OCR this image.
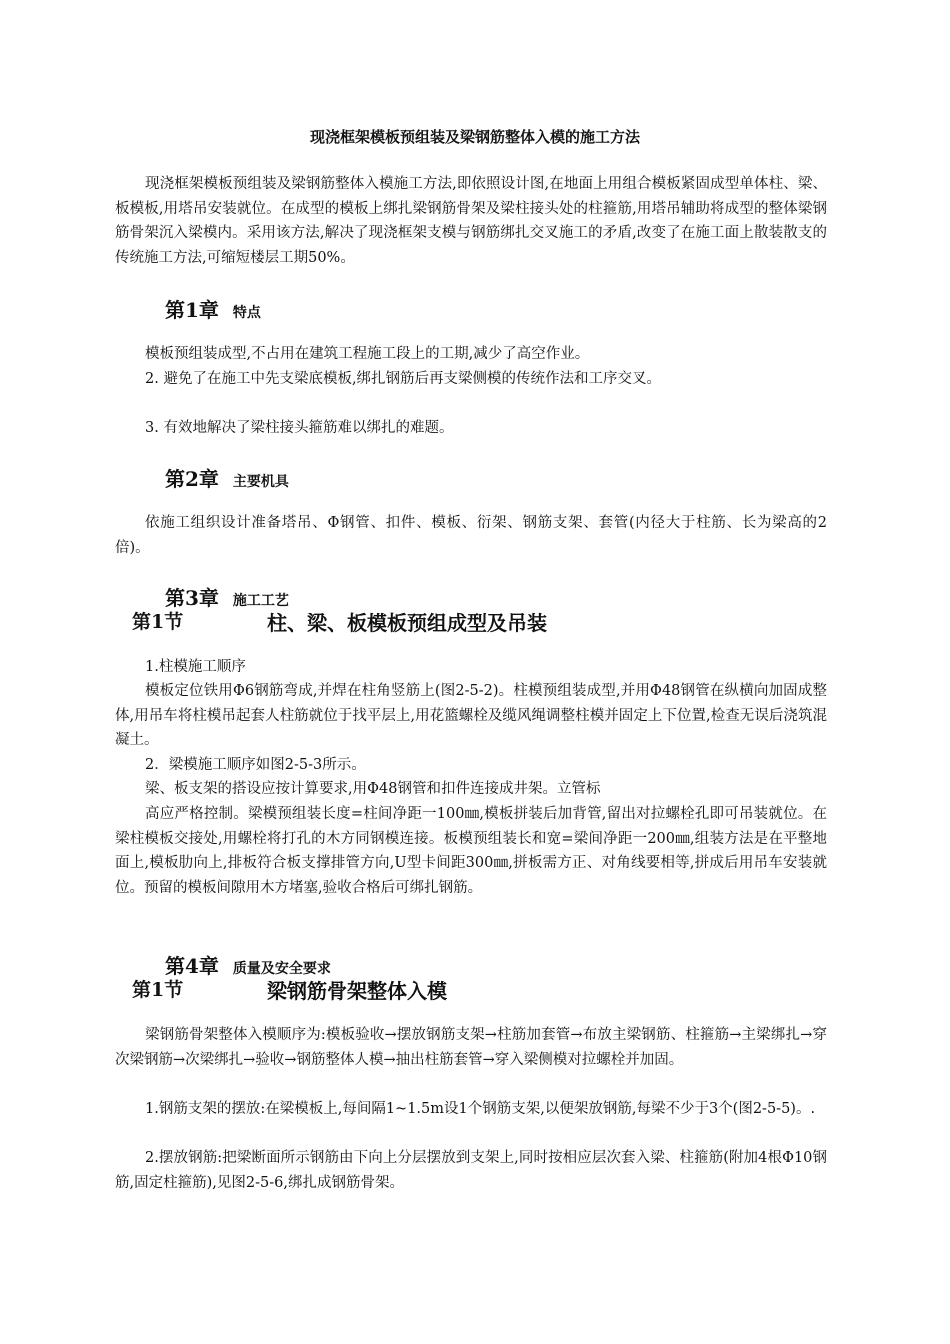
现浇框架模板预组装及梁钢筋整体入模的施工方法

现浇框架模板预组装及梁钢筋整体入模施工方法,即依照设计图,在地面上用组合模板紧固成型单体柱、梁、板模板,用塔吊安装就位。在成型的模板上绑扎梁钢筋骨架及梁柱接头处的柱箍筋,用塔吊辅助将成型的整体梁钢筋骨架沉入梁模内。采用该方法,解决了现浇框架支模与钢筋绑扎交叉施工的矛盾,改变了在施工面上散装散支的传统施工方法,可缩短楼层工期50%。

第1章 特点
模板预组装成型,不占用在建筑工程施工段上的工期,减少了高空作业。
2. 避免了在施工中先支梁底模板,绑扎钢筋后再支梁侧模的传统作法和工序交叉。
3. 有效地解决了梁柱接头箍筋难以绑扎的难题。
第2章 主要机具

依施工组织设计准备塔吊、Φ钢管、扣件、模板、衍架、钢筋支架、套管(内径大于柱筋、长为梁高的2倍)。

第3章 施工工艺
第1节	柱、梁、板模板预组成型及吊装
1.柱模施工顺序

模板定位铁用Φ6钢筋弯成,并焊在柱角竖筋上(图2-5-2)。柱模预组装成型,并用Φ48钢管在纵横向加固成整体,用吊车将柱模吊起套人柱筋就位于找平层上,用花篮螺栓及缆风绳调整柱模并固定上下位置,检查无误后浇筑混凝土。

2．梁模施工顺序如图2-5-3所示。
梁、板支架的搭设应按计算要求,用Φ48钢管和扣件连接成井架。立管标

高应严格控制。梁模预组装长度=柱间净距一100㎜,模板拼装后加背管,留出对拉螺栓孔即可吊装就位。在梁柱模板交接处,用螺栓将打孔的木方同钢模连接。板模预组装长和宽=梁间净距一200㎜,组装方法是在平整地面上,模板肋向上,排板符合板支撑排管方向,U型卡间距300㎜,拼板需方正、对角线要相等,拼成后用吊车安装就位。预留的模板间隙用木方堵塞,验收合格后可绑扎钢筋。

第4章 质量及安全要求
第1节	梁钢筋骨架整体入模

梁钢筋骨架整体入模顺序为:模板验收→摆放钢筋支架→柱筋加套管→布放主梁钢筋、柱箍筋→主梁绑扎→穿次梁钢筋→次梁绑扎→验收→钢筋整体人模→抽出柱筋套管→穿入梁侧模对拉螺栓并加固。

1.钢筋支架的摆放:在梁模板上,每间隔1~1.5m设1个钢筋支架,以便架放钢筋,每梁不少于3个(图2-5-5)。.

2.摆放钢筋:把梁断面所示钢筋由下向上分层摆放到支架上,同时按相应层次套入梁、柱箍筋(附加4根Φ10钢筋,固定柱箍筋),见图2-5-6,绑扎成钢筋骨架。
